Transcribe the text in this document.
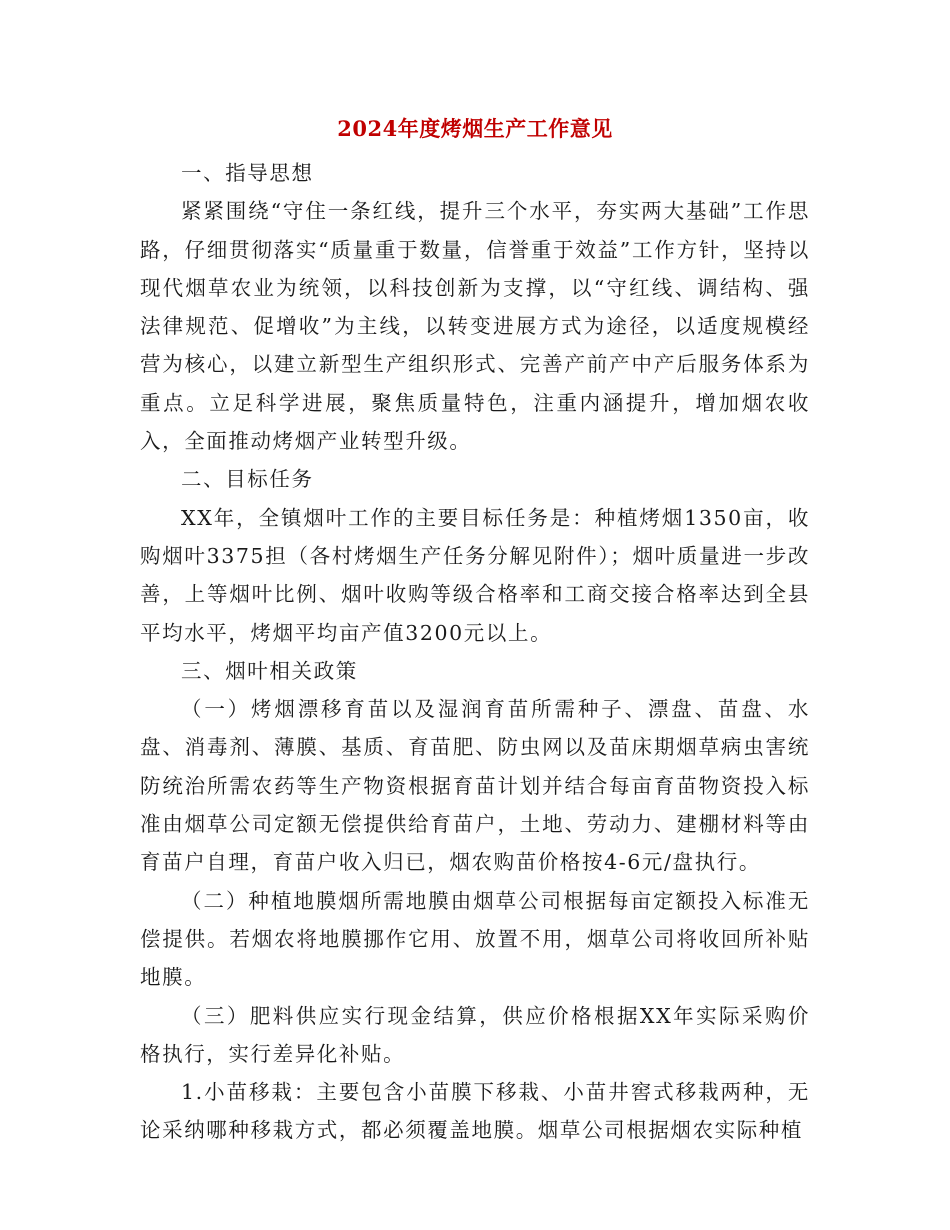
2024年度烤烟生产工作意见

一、指导思想

紧紧围绕“守住一条红线，提升三个水平，夯实两大基础”工作思路，仔细贯彻落实“质量重于数量，信誉重于效益”工作方针，坚持以现代烟草农业为统领，以科技创新为支撑，以“守红线、调结构、强法律规范、促增收”为主线，以转变进展方式为途径，以适度规模经营为核心，以建立新型生产组织形式、完善产前产中产后服务体系为重点。立足科学进展，聚焦质量特色，注重内涵提升，增加烟农收入，全面推动烤烟产业转型升级。

二、目标任务

XX年，全镇烟叶工作的主要目标任务是：种植烤烟1350亩，收购烟叶3375担（各村烤烟生产任务分解见附件）；烟叶质量进一步改善，上等烟叶比例、烟叶收购等级合格率和工商交接合格率达到全县平均水平，烤烟平均亩产值3200元以上。

三、烟叶相关政策

（一）烤烟漂移育苗以及湿润育苗所需种子、漂盘、苗盘、水盘、消毒剂、薄膜、基质、育苗肥、防虫网以及苗床期烟草病虫害统防统治所需农药等生产物资根据育苗计划并结合每亩育苗物资投入标准由烟草公司定额无偿提供给育苗户，土地、劳动力、建棚材料等由育苗户自理，育苗户收入归已，烟农购苗价格按4-6元/盘执行。

（二）种植地膜烟所需地膜由烟草公司根据每亩定额投入标准无偿提供。若烟农将地膜挪作它用、放置不用，烟草公司将收回所补贴地膜。

（三）肥料供应实行现金结算，供应价格根据XX年实际采购价格执行，实行差异化补贴。

1.小苗移栽：主要包含小苗膜下移栽、小苗井窖式移栽两种，无论采纳哪种移栽方式，都必须覆盖地膜。烟草公司根据烟农实际种植
